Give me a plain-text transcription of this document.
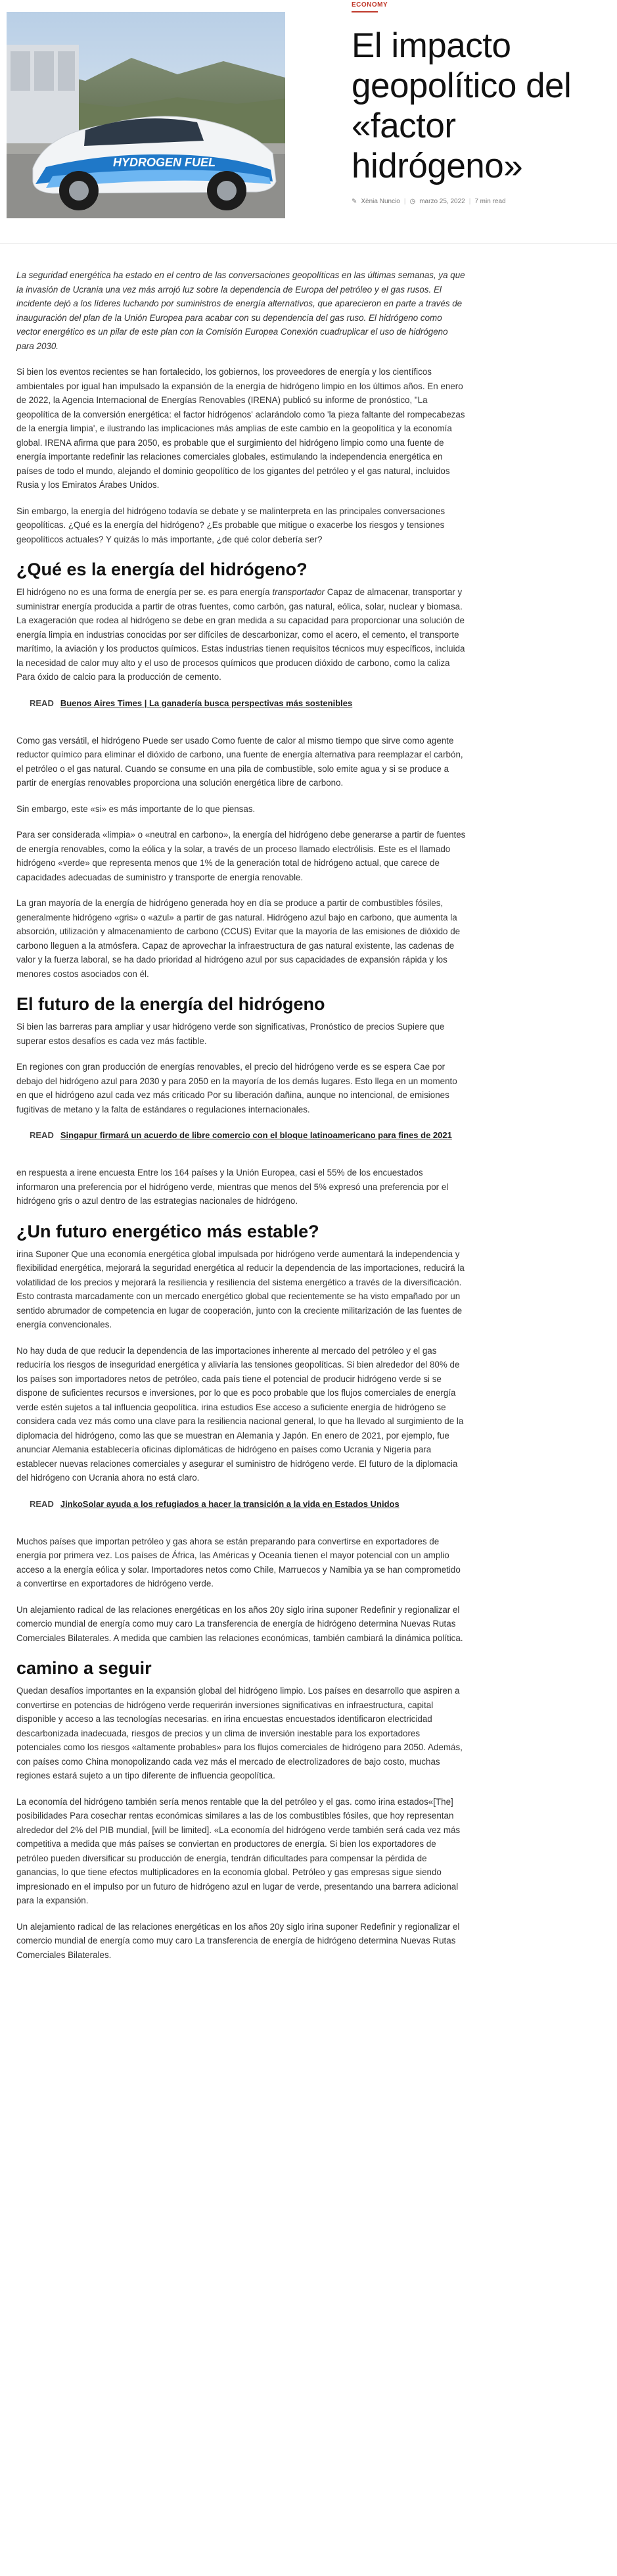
HYDROGEN FUEL
ECONOMY
El impacto geopolítico del «factor hidrógeno»
✎ Xènia Nuncio | ◷ marzo 25, 2022 | 7 min read

La seguridad energética ha estado en el centro de las conversaciones geopolíticas en las últimas semanas, ya que la invasión de Ucrania una vez más arrojó luz sobre la dependencia de Europa del petróleo y el gas rusos. El incidente dejó a los líderes luchando por suministros de energía alternativos, que aparecieron en parte a través de inauguración del plan de la Unión Europea para acabar con su dependencia del gas ruso. El hidrógeno como vector energético es un pilar de este plan con la Comisión Europea Conexión cuadruplicar el uso de hidrógeno para 2030.

Si bien los eventos recientes se han fortalecido, los gobiernos, los proveedores de energía y los científicos ambientales por igual han impulsado la expansión de la energía de hidrógeno limpio en los últimos años. En enero de 2022, la Agencia Internacional de Energías Renovables (IRENA) publicó su informe de pronóstico, "La geopolítica de la conversión energética: el factor hidrógenos' aclarándolo como 'la pieza faltante del rompecabezas de la energía limpia', e ilustrando las implicaciones más amplias de este cambio en la geopolítica y la economía global. IRENA afirma que para 2050, es probable que el surgimiento del hidrógeno limpio como una fuente de energía importante redefinir las relaciones comerciales globales, estimulando la independencia energética en países de todo el mundo, alejando el dominio geopolítico de los gigantes del petróleo y el gas natural, incluidos Rusia y los Emiratos Árabes Unidos.

Sin embargo, la energía del hidrógeno todavía se debate y se malinterpreta en las principales conversaciones geopolíticas. ¿Qué es la energía del hidrógeno? ¿Es probable que mitigue o exacerbe los riesgos y tensiones geopolíticos actuales? Y quizás lo más importante, ¿de qué color debería ser?

¿Qué es la energía del hidrógeno?

El hidrógeno no es una forma de energía per se. es para energía transportador Capaz de almacenar, transportar y suministrar energía producida a partir de otras fuentes, como carbón, gas natural, eólica, solar, nuclear y biomasa. La exageración que rodea al hidrógeno se debe en gran medida a su capacidad para proporcionar una solución de energía limpia en industrias conocidas por ser difíciles de descarbonizar, como el acero, el cemento, el transporte marítimo, la aviación y los productos químicos. Estas industrias tienen requisitos técnicos muy específicos, incluida la necesidad de calor muy alto y el uso de procesos químicos que producen dióxido de carbono, como la caliza Para óxido de calcio para la producción de cemento.

READ Buenos Aires Times | La ganadería busca perspectivas más sostenibles

Como gas versátil, el hidrógeno Puede ser usado Como fuente de calor al mismo tiempo que sirve como agente reductor químico para eliminar el dióxido de carbono, una fuente de energía alternativa para reemplazar el carbón, el petróleo o el gas natural. Cuando se consume en una pila de combustible, solo emite agua y si se produce a partir de energías renovables proporciona una solución energética libre de carbono.

Sin embargo, este «si» es más importante de lo que piensas.

Para ser considerada «limpia» o «neutral en carbono», la energía del hidrógeno debe generarse a partir de fuentes de energía renovables, como la eólica y la solar, a través de un proceso llamado electrólisis. Este es el llamado hidrógeno «verde» que representa menos que 1% de la generación total de hidrógeno actual, que carece de capacidades adecuadas de suministro y transporte de energía renovable.

La gran mayoría de la energía de hidrógeno generada hoy en día se produce a partir de combustibles fósiles, generalmente hidrógeno «gris» o «azul» a partir de gas natural. Hidrógeno azul bajo en carbono, que aumenta la absorción, utilización y almacenamiento de carbono (CCUS) Evitar que la mayoría de las emisiones de dióxido de carbono lleguen a la atmósfera. Capaz de aprovechar la infraestructura de gas natural existente, las cadenas de valor y la fuerza laboral, se ha dado prioridad al hidrógeno azul por sus capacidades de expansión rápida y los menores costos asociados con él.

El futuro de la energía del hidrógeno

Si bien las barreras para ampliar y usar hidrógeno verde son significativas, Pronóstico de precios Supiere que superar estos desafíos es cada vez más factible.

En regiones con gran producción de energías renovables, el precio del hidrógeno verde es se espera Cae por debajo del hidrógeno azul para 2030 y para 2050 en la mayoría de los demás lugares. Esto llega en un momento en que el hidrógeno azul cada vez más criticado Por su liberación dañina, aunque no intencional, de emisiones fugitivas de metano y la falta de estándares o regulaciones internacionales.

READ Singapur firmará un acuerdo de libre comercio con el bloque latinoamericano para fines de 2021

en respuesta a irene encuesta Entre los 164 países y la Unión Europea, casi el 55% de los encuestados informaron una preferencia por el hidrógeno verde, mientras que menos del 5% expresó una preferencia por el hidrógeno gris o azul dentro de las estrategias nacionales de hidrógeno.

¿Un futuro energético más estable?

irina Suponer Que una economía energética global impulsada por hidrógeno verde aumentará la independencia y flexibilidad energética, mejorará la seguridad energética al reducir la dependencia de las importaciones, reducirá la volatilidad de los precios y mejorará la resiliencia y resiliencia del sistema energético a través de la diversificación. Esto contrasta marcadamente con un mercado energético global que recientemente se ha visto empañado por un sentido abrumador de competencia en lugar de cooperación, junto con la creciente militarización de las fuentes de energía convencionales.

No hay duda de que reducir la dependencia de las importaciones inherente al mercado del petróleo y el gas reduciría los riesgos de inseguridad energética y aliviaría las tensiones geopolíticas. Si bien alrededor del 80% de los países son importadores netos de petróleo, cada país tiene el potencial de producir hidrógeno verde si se dispone de suficientes recursos e inversiones, por lo que es poco probable que los flujos comerciales de energía verde estén sujetos a tal influencia geopolítica. irina estudios Ese acceso a suficiente energía de hidrógeno se considera cada vez más como una clave para la resiliencia nacional general, lo que ha llevado al surgimiento de la diplomacia del hidrógeno, como las que se muestran en Alemania y Japón. En enero de 2021, por ejemplo, fue anunciar Alemania establecería oficinas diplomáticas de hidrógeno en países como Ucrania y Nigeria para establecer nuevas relaciones comerciales y asegurar el suministro de hidrógeno verde. El futuro de la diplomacia del hidrógeno con Ucrania ahora no está claro.

READ JinkoSolar ayuda a los refugiados a hacer la transición a la vida en Estados Unidos

Muchos países que importan petróleo y gas ahora se están preparando para convertirse en exportadores de energía por primera vez. Los países de África, las Américas y Oceanía tienen el mayor potencial con un amplio acceso a la energía eólica y solar. Importadores netos como Chile, Marruecos y Namibia ya se han comprometido a convertirse en exportadores de hidrógeno verde.

Un alejamiento radical de las relaciones energéticas en los años 20y siglo irina suponer Redefinir y regionalizar el comercio mundial de energía como muy caro La transferencia de energía de hidrógeno determina Nuevas Rutas Comerciales Bilaterales. A medida que cambien las relaciones económicas, también cambiará la dinámica política.

camino a seguir

Quedan desafíos importantes en la expansión global del hidrógeno limpio. Los países en desarrollo que aspiren a convertirse en potencias de hidrógeno verde requerirán inversiones significativas en infraestructura, capital disponible y acceso a las tecnologías necesarias. en irina encuestas encuestados identificaron electricidad descarbonizada inadecuada, riesgos de precios y un clima de inversión inestable para los exportadores potenciales como los riesgos «altamente probables» para los flujos comerciales de hidrógeno para 2050. Además, con países como China monopolizando cada vez más el mercado de electrolizadores de bajo costo, muchas regiones estará sujeto a un tipo diferente de influencia geopolítica.

La economía del hidrógeno también sería menos rentable que la del petróleo y el gas. como irina estados«[The] posibilidades Para cosechar rentas económicas similares a las de los combustibles fósiles, que hoy representan alrededor del 2% del PIB mundial, [will be limited]. «La economía del hidrógeno verde también será cada vez más competitiva a medida que más países se conviertan en productores de energía. Si bien los exportadores de petróleo pueden diversificar su producción de energía, tendrán dificultades para compensar la pérdida de ganancias, lo que tiene efectos multiplicadores en la economía global. Petróleo y gas empresas sigue siendo impresionado en el impulso por un futuro de hidrógeno azul en lugar de verde, presentando una barrera adicional para la expansión.

Un alejamiento radical de las relaciones energéticas en los años 20y siglo irina suponer Redefinir y regionalizar el comercio mundial de energía como muy caro La transferencia de energía de hidrógeno determina Nuevas Rutas Comerciales Bilaterales.
